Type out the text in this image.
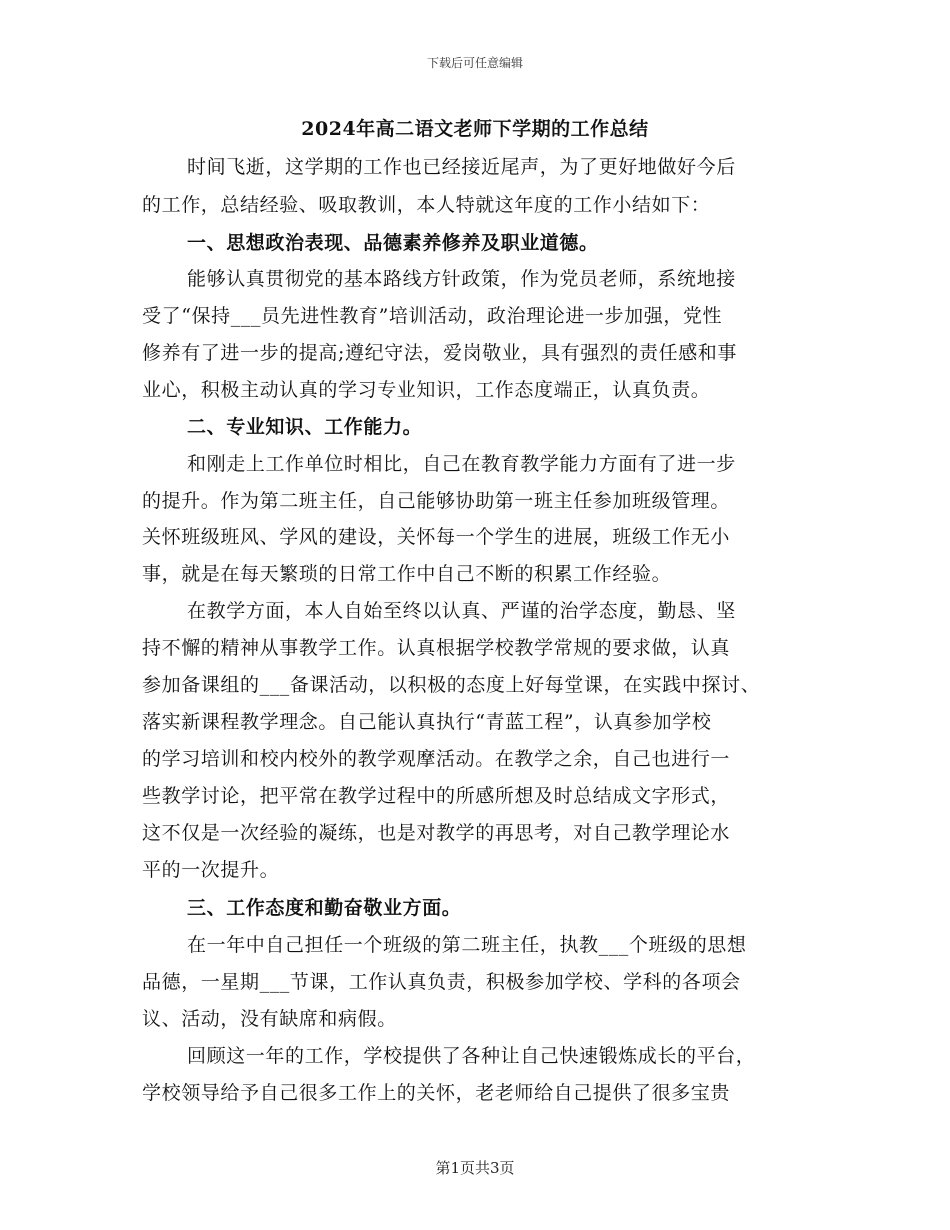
下载后可任意编辑
2024年高二语文老师下学期的工作总结
时间飞逝，这学期的工作也已经接近尾声，为了更好地做好今后
的工作，总结经验、吸取教训，本人特就这年度的工作小结如下：
一、思想政治表现、品德素养修养及职业道德。
能够认真贯彻党的基本路线方针政策，作为党员老师，系统地接
受了“保持___员先进性教育”培训活动，政治理论进一步加强，党性
修养有了进一步的提高;遵纪守法，爱岗敬业，具有强烈的责任感和事
业心，积极主动认真的学习专业知识，工作态度端正，认真负责。
二、专业知识、工作能力。
和刚走上工作单位时相比，自己在教育教学能力方面有了进一步
的提升。作为第二班主任，自己能够协助第一班主任参加班级管理。
关怀班级班风、学风的建设，关怀每一个学生的进展，班级工作无小
事，就是在每天繁琐的日常工作中自己不断的积累工作经验。
在教学方面，本人自始至终以认真、严谨的治学态度，勤恳、坚
持不懈的精神从事教学工作。认真根据学校教学常规的要求做，认真
参加备课组的___备课活动，以积极的态度上好每堂课，在实践中探讨、
落实新课程教学理念。自己能认真执行“青蓝工程”，认真参加学校
的学习培训和校内校外的教学观摩活动。在教学之余，自己也进行一
些教学讨论，把平常在教学过程中的所感所想及时总结成文字形式，
这不仅是一次经验的凝练，也是对教学的再思考，对自己教学理论水
平的一次提升。
三、工作态度和勤奋敬业方面。
在一年中自己担任一个班级的第二班主任，执教___个班级的思想
品德，一星期___节课，工作认真负责，积极参加学校、学科的各项会
议、活动，没有缺席和病假。
回顾这一年的工作，学校提供了各种让自己快速锻炼成长的平台，
学校领导给予自己很多工作上的关怀，老老师给自己提供了很多宝贵
第1页共3页
